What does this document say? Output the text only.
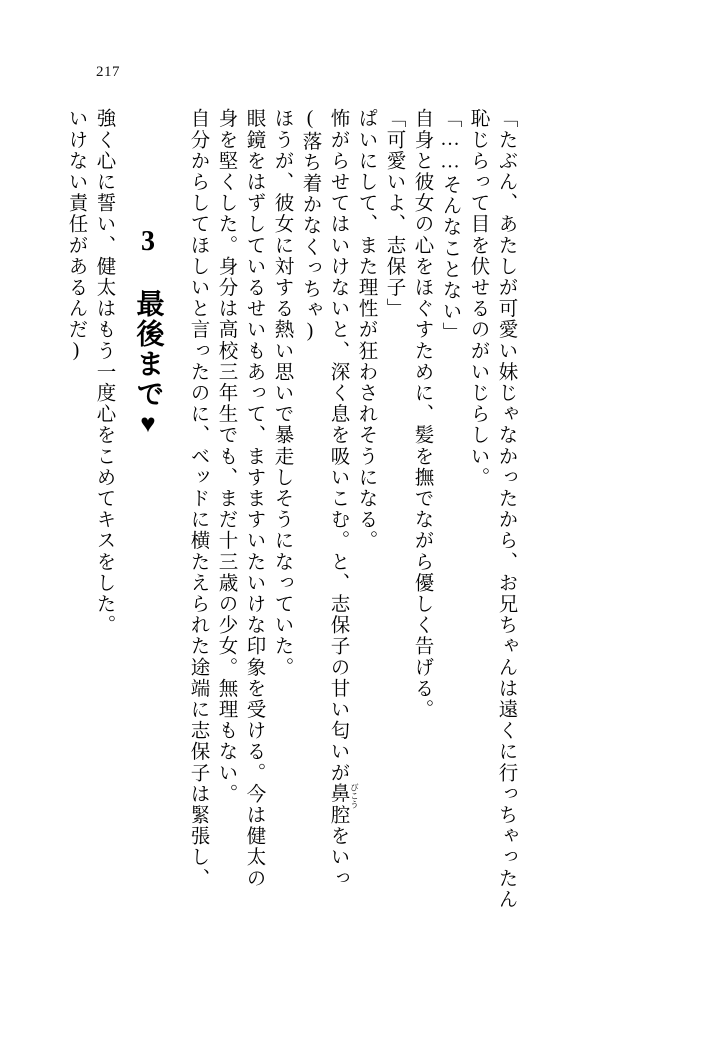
217
いけない責任があるんだ) 強く心に誓い、健太はもう一度心をこめてキスをした。 3　最後まで♥ 自分からしてほしいと言ったのに、ベッドに横たえられた途端に志保子は緊張し、 身を堅くした。身分は高校三年生でも、まだ十三歳の少女。無理もない。 眼鏡をはずしているせいもあって、ますますいたいけな印象を受ける。今は健太の ほうが、彼女に対する熱い思いで暴走しそうになっていた。 (落ち着かなくっちゃ) 怖がらせてはいけないと、深く息を吸いこむ。と、志保子の甘い匂いが鼻腔 びこう
をいっ
ぱいにして、また理性が狂わされそうになる。 「可愛いよ、志保子」 自身と彼女の心をほぐすために、髪を撫でながら優しく告げる。 「……そんなことない」 恥じらって目を伏せるのがいじらしい。 「たぶん、あたしが可愛い妹じゃなかったから、お兄ちゃんは遠くに行っちゃったん
